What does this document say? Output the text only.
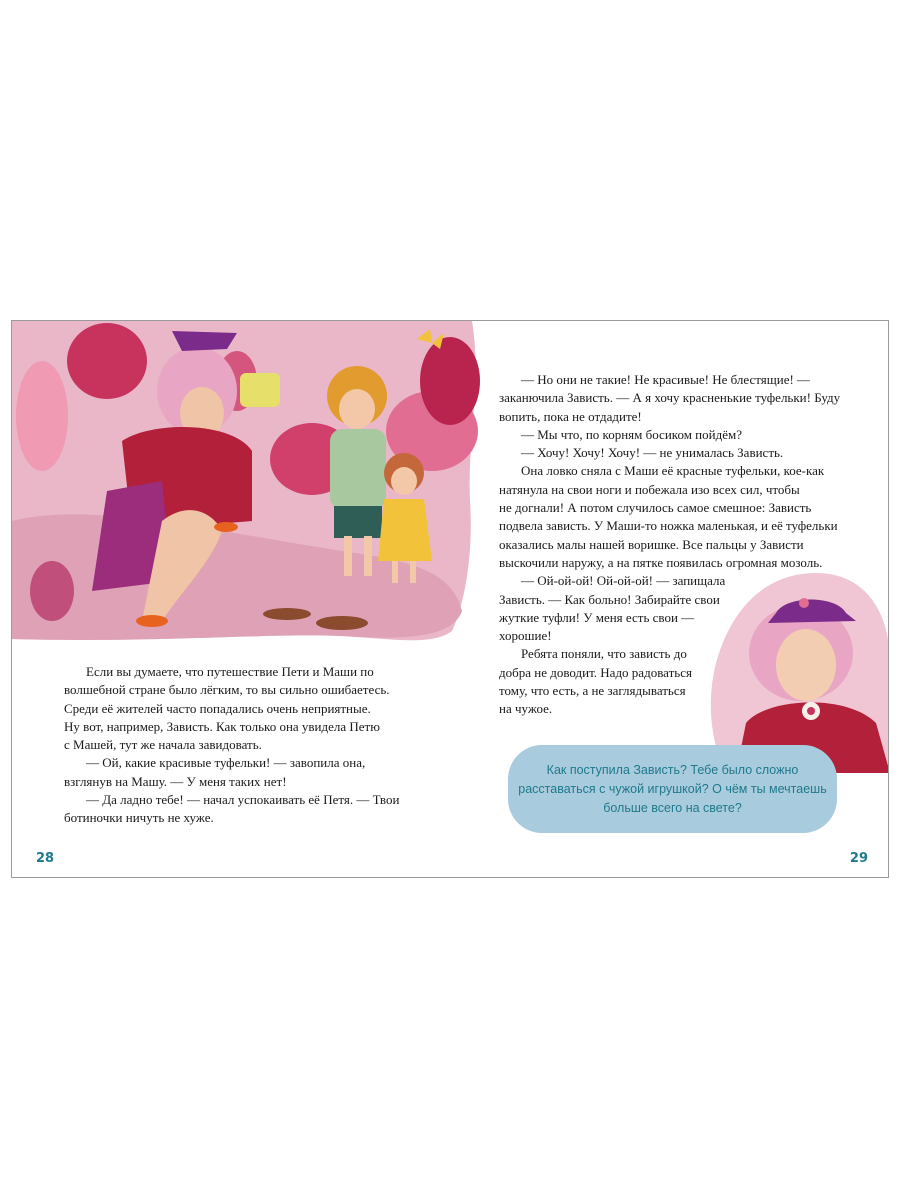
Если вы думаете, что путешествие Пети и Маши по
волшебной стране было лёгким, то вы сильно ошибаетесь.
Среди её жителей часто попадались очень неприятные.
Ну вот, например, Зависть. Как только она увидела Петю
с Машей, тут же начала завидовать.

— Ой, какие красивые туфельки! — завопила она,
взглянув на Машу. — У меня таких нет!

— Да ладно тебе! — начал успокаивать её Петя. — Твои
ботиночки ничуть не хуже.

— Но они не такие! Не красивые! Не блестящие! —
заканючила Зависть. — А я хочу красненькие туфельки! Буду
вопить, пока не отдадите!

— Мы что, по корням босиком пойдём?

— Хочу! Хочу! Хочу! — не унималась Зависть.

Она ловко сняла с Маши её красные туфельки, кое-как
натянула на свои ноги и побежала изо всех сил, чтобы
не догнали! А потом случилось самое смешное: Зависть
подвела зависть. У Маши-то ножка маленькая, и её туфельки
оказались малы нашей воришке. Все пальцы у Зависти
выскочили наружу, а на пятке появилась огромная мозоль.

— Ой-ой-ой! Ой-ой-ой! — запищала
Зависть. — Как больно! Забирайте свои
жуткие туфли! У меня есть свои —
хорошие!

Ребята поняли, что зависть до
добра не доводит. Надо радоваться
тому, что есть, а не заглядываться
на чужое.

Как поступила Зависть? Тебе было сложно
расставаться с чужой игрушкой? О чём ты мечтаешь
больше всего на свете?
28	29
